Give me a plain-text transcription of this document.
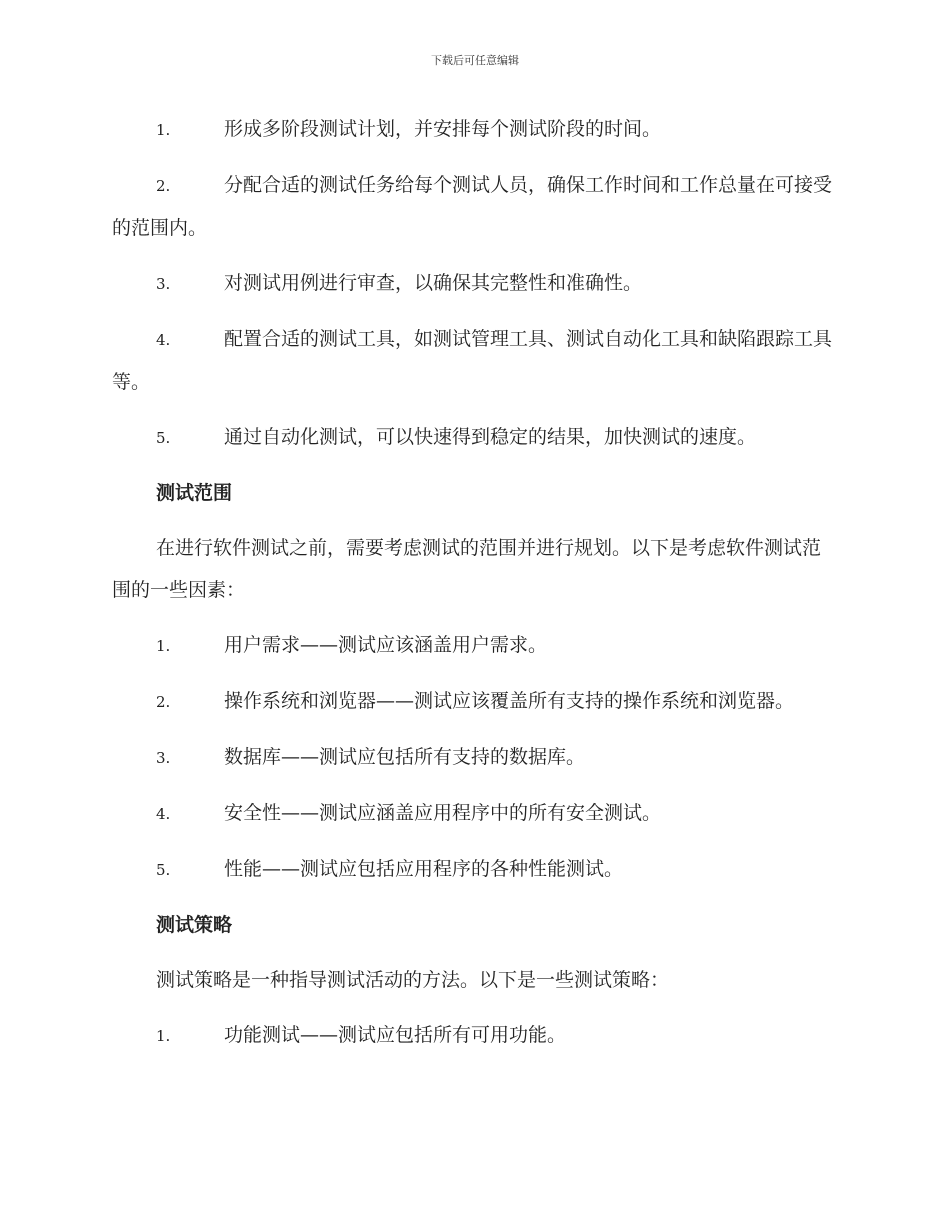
下载后可任意编辑
1.	形成多阶段测试计划，并安排每个测试阶段的时间。
2.	分配合适的测试任务给每个测试人员，确保工作时间和工作总量在可接受的范围内。
3.	对测试用例进行审查，以确保其完整性和准确性。
4.	配置合适的测试工具，如测试管理工具、测试自动化工具和缺陷跟踪工具等。
5.	通过自动化测试，可以快速得到稳定的结果，加快测试的速度。
测试范围
在进行软件测试之前，需要考虑测试的范围并进行规划。以下是考虑软件测试范围的一些因素：
1.	用户需求——测试应该涵盖用户需求。
2.	操作系统和浏览器——测试应该覆盖所有支持的操作系统和浏览器。
3.	数据库——测试应包括所有支持的数据库。
4.	安全性——测试应涵盖应用程序中的所有安全测试。
5.	性能——测试应包括应用程序的各种性能测试。
测试策略
测试策略是一种指导测试活动的方法。以下是一些测试策略：
1.	功能测试——测试应包括所有可用功能。
